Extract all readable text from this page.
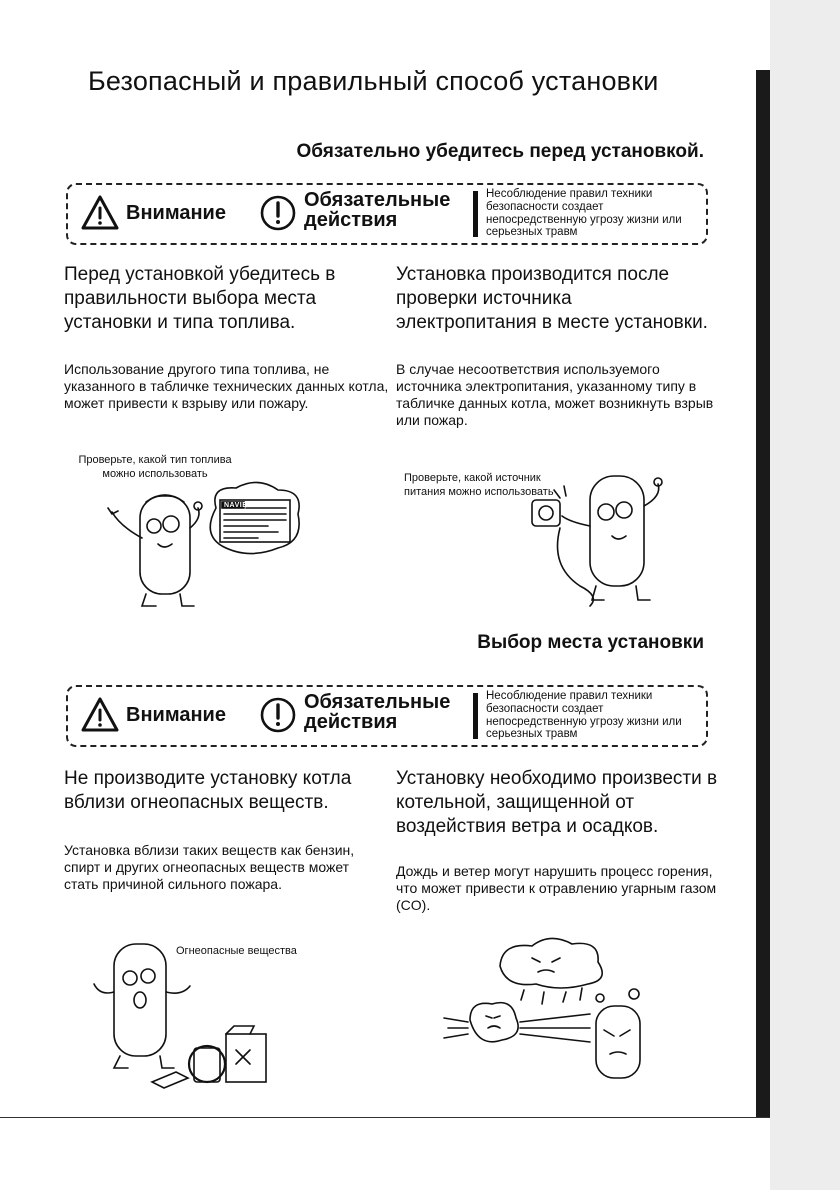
Безопасный и правильный способ установки
Обязательно убедитесь перед установкой.
Внимание
Обязательные
действия
Несоблюдение правил техники безопасности создает непосредственную угрозу жизни или серьезных травм
Перед установкой убедитесь в правильности выбора места установки и типа топлива.
Использование другого типа топлива, не указанного в табличке технических данных котла, может привести к взрыву или пожару.
Проверьте, какой тип топлива можно использовать
NAVIEN
Установка производится после проверки источника электропитания в месте установки.
В случае несоответствия используемого источника электропитания, указанному типу в табличке данных котла, может возникнуть взрыв или пожар.
Проверьте, какой источник питания можно использовать
Выбор места установки
Внимание
Обязательные
действия
Несоблюдение правил техники безопасности создает непосредственную угрозу жизни или серьезных травм
Не производите установку котла вблизи огнеопасных веществ.
Установка вблизи таких веществ как бензин, спирт и других огнеопасных веществ может стать причиной сильного пожара.
Огнеопасные вещества
Установку необходимо произвести в котельной, защищенной от воздействия ветра и осадков.
Дождь и ветер могут нарушить процесс горения, что может привести к отравлению угарным газом (CO).
